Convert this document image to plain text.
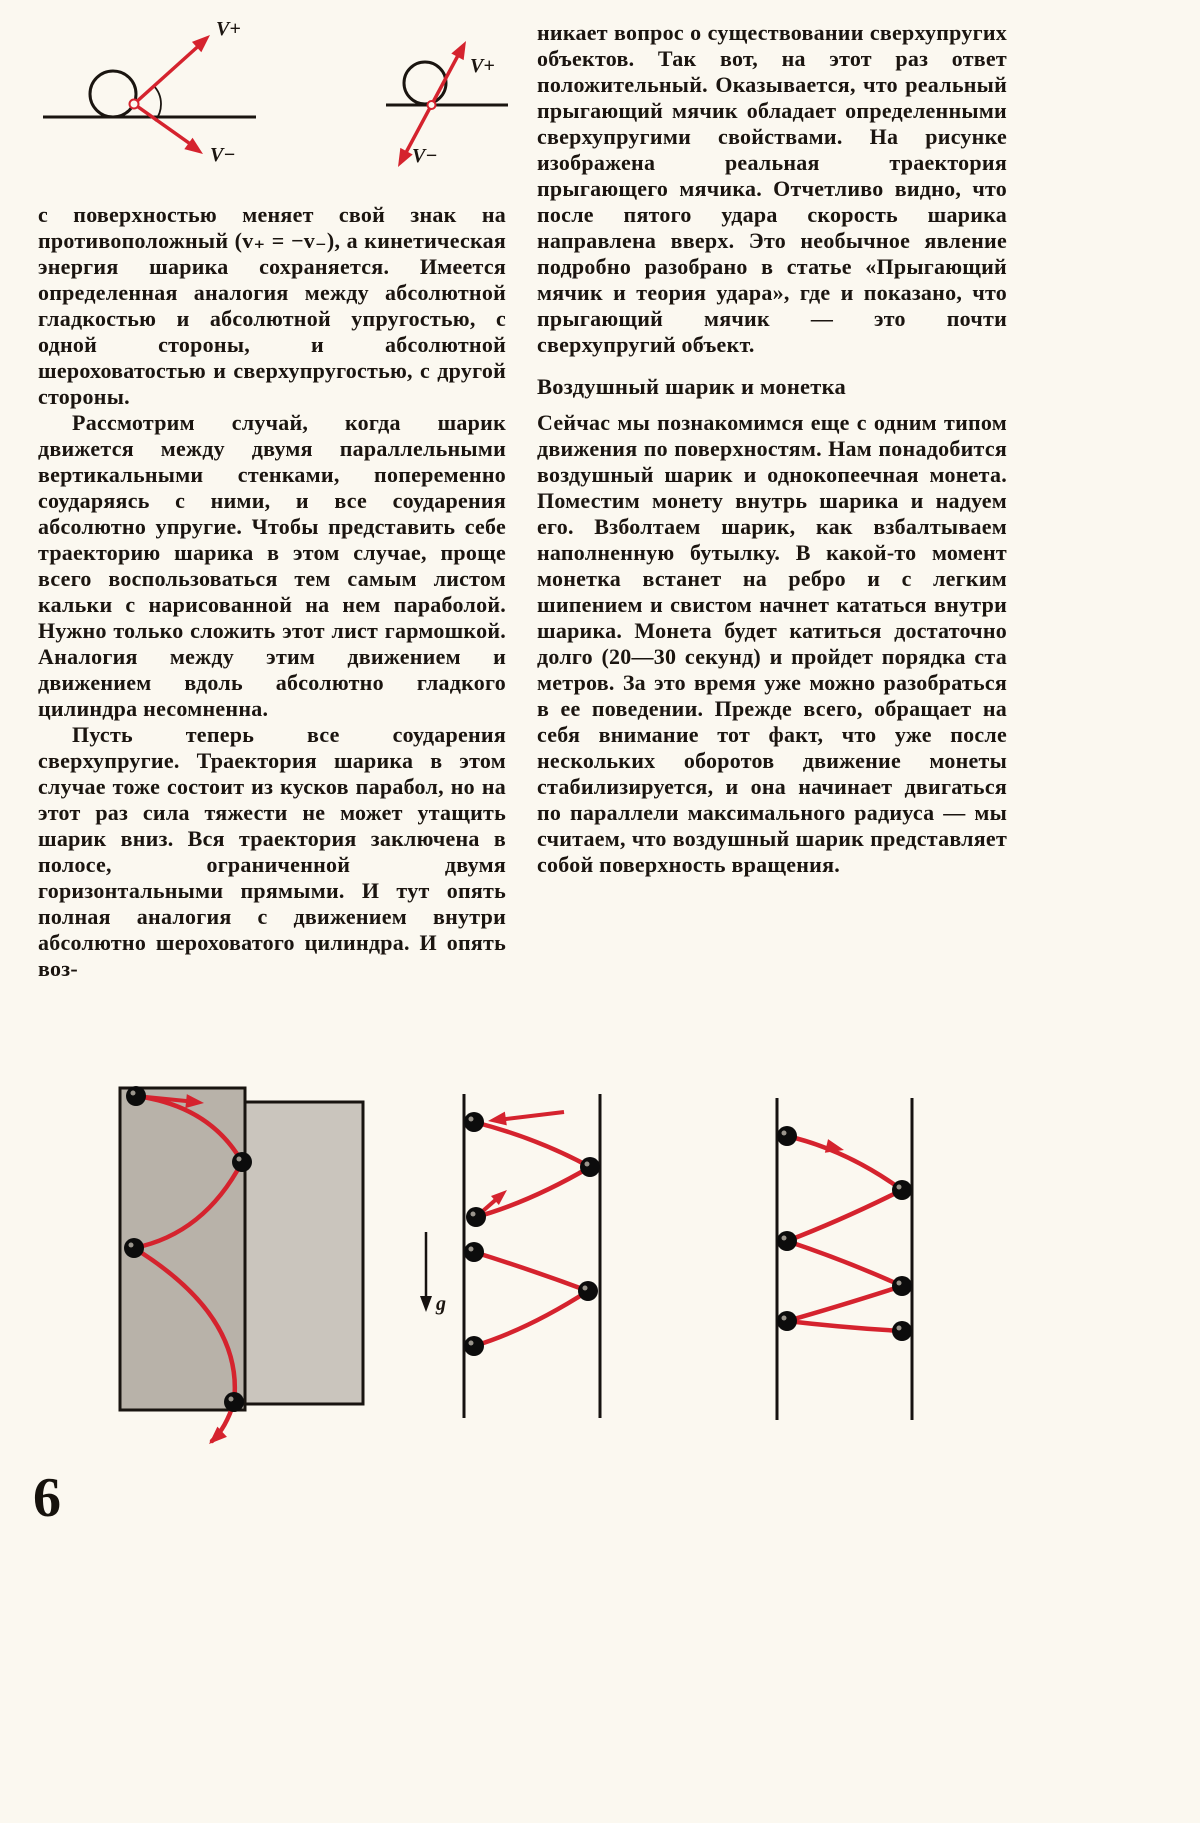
V+
V−
V+
V−

с поверхностью меняет свой знак на противоположный (v₊ = −v₋), а кинетическая энергия шарика сохраняется. Имеется определенная аналогия между абсолютной гладкостью и абсолютной упругостью, с одной стороны, и абсолютной шероховатостью и сверхупругостью, с другой стороны.

Рассмотрим случай, когда шарик движется между двумя параллельными вертикальными стенками, попеременно соударяясь с ними, и все соударения абсолютно упругие. Чтобы представить себе траекторию шарика в этом случае, проще всего воспользоваться тем самым листом кальки с нарисованной на нем параболой. Нужно только сложить этот лист гармошкой. Аналогия между этим движением и движением вдоль абсолютно гладкого цилиндра несомненна.

Пусть теперь все соударения сверхупругие. Траектория шарика в этом случае тоже состоит из кусков парабол, но на этот раз сила тяжести не может утащить шарик вниз. Вся траектория заключена в полосе, ограниченной двумя горизонтальными прямыми. И тут опять полная аналогия с движением внутри абсолютно шероховатого цилиндра. И опять воз-

никает вопрос о существовании сверхупругих объектов. Так вот, на этот раз ответ положительный. Оказывается, что реальный прыгающий мячик обладает определенными сверхупругими свойствами. На рисунке изображена реальная траектория прыгающего мячика. Отчетливо видно, что после пятого удара скорость шарика направлена вверх. Это необычное явление подробно разобрано в статье «Прыгающий мячик и теория удара», где и показано, что прыгающий мячик — это почти сверхупругий объект.

Воздушный шарик и монетка

Сейчас мы познакомимся еще с одним типом движения по поверхностям. Нам понадобится воздушный шарик и однокопеечная монета. Поместим монету внутрь шарика и надуем его. Взболтаем шарик, как взбалтываем наполненную бутылку. В какой-то момент монетка встанет на ребро и с легким шипением и свистом начнет кататься внутри шарика. Монета будет катиться достаточно долго (20—30 секунд) и пройдет порядка ста метров. За это время уже можно разобраться в ее поведении. Прежде всего, обращает на себя внимание тот факт, что уже после нескольких оборотов движение монеты стабилизируется, и она начинает двигаться по параллели максимального радиуса — мы считаем, что воздушный шарик представляет собой поверхность вращения.

g
6
